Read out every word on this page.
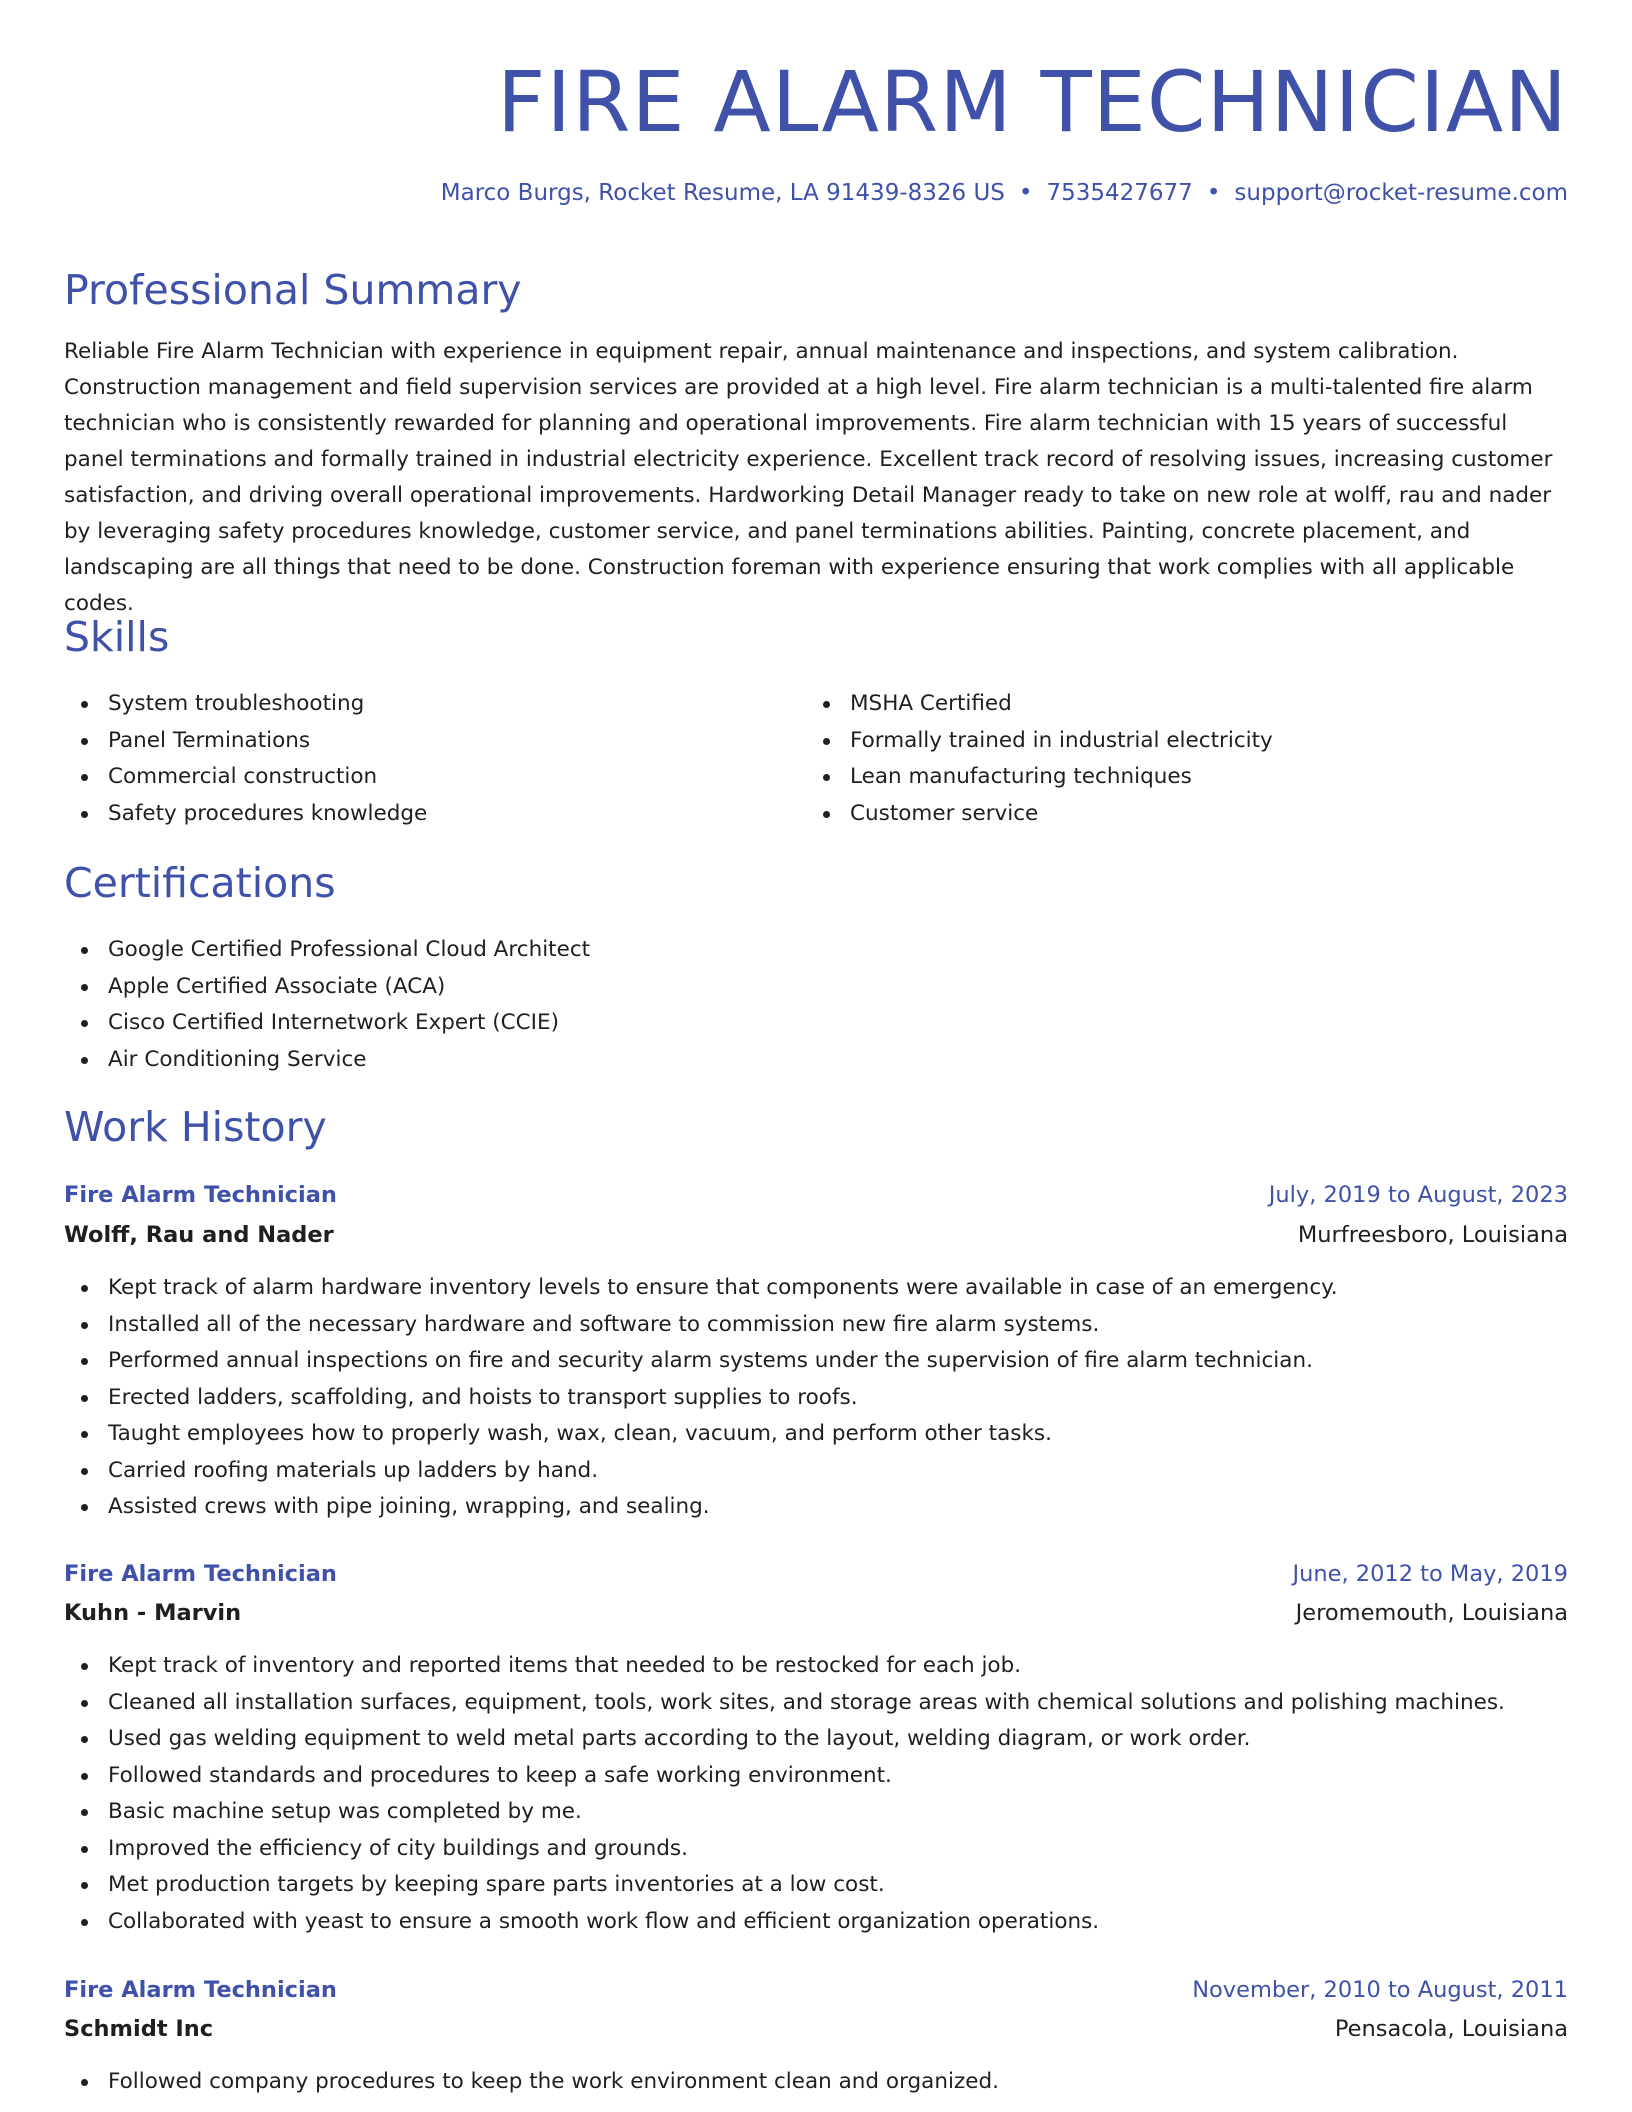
FIRE ALARM TECHNICIAN
Marco Burgs, Rocket Resume, LA 91439-8326 US • 7535427677 • support@rocket-resume.com
Professional Summary

Reliable Fire Alarm Technician with experience in equipment repair, annual maintenance and inspections, and system calibration. Construction management and field supervision services are provided at a high level. Fire alarm technician is a multi-talented fire alarm technician who is consistently rewarded for planning and operational improvements. Fire alarm technician with 15 years of successful panel terminations and formally trained in industrial electricity experience. Excellent track record of resolving issues, increasing customer satisfaction, and driving overall operational improvements. Hardworking Detail Manager ready to take on new role at wolff, rau and nader by leveraging safety procedures knowledge, customer service, and panel terminations abilities. Painting, concrete placement, and landscaping are all things that need to be done. Construction foreman with experience ensuring that work complies with all applicable codes.

Skills
System troubleshooting
Panel Terminations
Commercial construction
Safety procedures knowledge
MSHA Certified
Formally trained in industrial electricity
Lean manufacturing techniques
Customer service
Certifications
Google Certified Professional Cloud Architect
Apple Certified Associate (ACA)
Cisco Certified Internetwork Expert (CCIE)
Air Conditioning Service
Work History
Fire Alarm Technician	July, 2019 to August, 2023
Wolff, Rau and Nader	Murfreesboro, Louisiana
Kept track of alarm hardware inventory levels to ensure that components were available in case of an emergency.
Installed all of the necessary hardware and software to commission new fire alarm systems.
Performed annual inspections on fire and security alarm systems under the supervision of fire alarm technician.
Erected ladders, scaffolding, and hoists to transport supplies to roofs.
Taught employees how to properly wash, wax, clean, vacuum, and perform other tasks.
Carried roofing materials up ladders by hand.
Assisted crews with pipe joining, wrapping, and sealing.
Fire Alarm Technician	June, 2012 to May, 2019
Kuhn - Marvin	Jeromemouth, Louisiana
Kept track of inventory and reported items that needed to be restocked for each job.
Cleaned all installation surfaces, equipment, tools, work sites, and storage areas with chemical solutions and polishing machines.
Used gas welding equipment to weld metal parts according to the layout, welding diagram, or work order.
Followed standards and procedures to keep a safe working environment.
Basic machine setup was completed by me.
Improved the efficiency of city buildings and grounds.
Met production targets by keeping spare parts inventories at a low cost.
Collaborated with yeast to ensure a smooth work flow and efficient organization operations.
Fire Alarm Technician	November, 2010 to August, 2011
Schmidt Inc	Pensacola, Louisiana
Followed company procedures to keep the work environment clean and organized.
